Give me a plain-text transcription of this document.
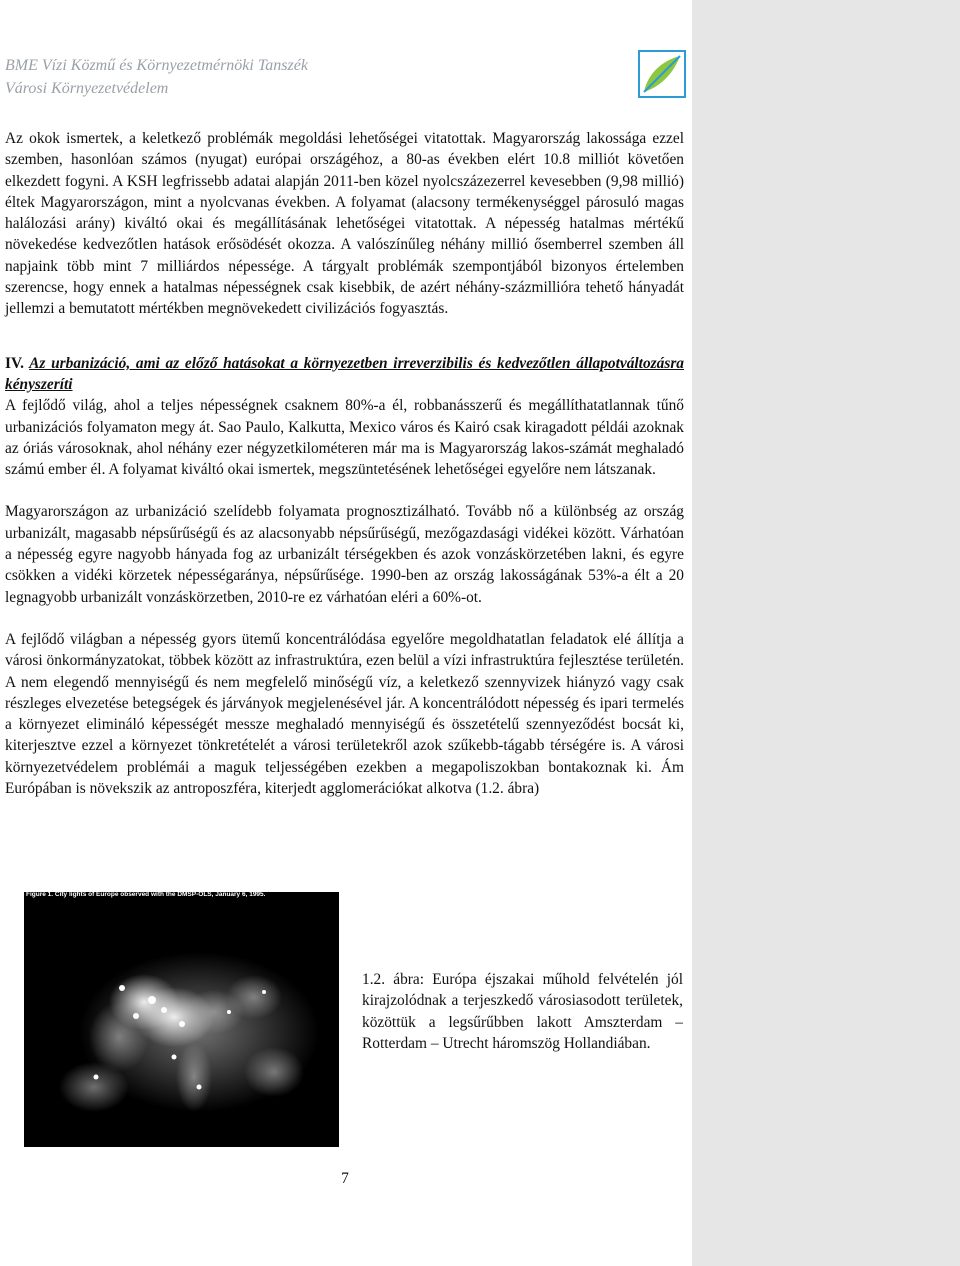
BME Vízi Közmű és Környezetmérnöki Tanszék
Városi Környezetvédelem

Az okok ismertek, a keletkező problémák megoldási lehetőségei vitatottak. Magyarország lakossága ezzel szemben, hasonlóan számos (nyugat) európai országéhoz, a 80-as években elért 10.8 milliót követően elkezdett fogyni. A KSH legfrissebb adatai alapján 2011-ben közel nyolcszázezerrel kevesebben (9,98 millió) éltek Magyarországon, mint a nyolcvanas években. A folyamat (alacsony termékenységgel párosuló magas halálozási arány) kiváltó okai és megállításának lehetőségei vitatottak. A népesség hatalmas mértékű növekedése kedvezőtlen hatások erősödését okozza. A valószínűleg néhány millió ősemberrel szemben áll napjaink több mint 7 milliárdos népessége. A tárgyalt problémák szempontjából bizonyos értelemben szerencse, hogy ennek a hatalmas népességnek csak kisebbik, de azért néhány-százmillióra tehető hányadát jellemzi a bemutatott mértékben megnövekedett civilizációs fogyasztás.

IV. Az urbanizáció, ami az előző hatásokat a környezetben irreverzibilis és kedvezőtlen állapotváltozásra kényszeríti

A fejlődő világ, ahol a teljes népességnek csaknem 80%-a él, robbanásszerű és megállíthatatlannak tűnő urbanizációs folyamaton megy át. Sao Paulo, Kalkutta, Mexico város és Kairó csak kiragadott példái azoknak az óriás városoknak, ahol néhány ezer négyzetkilométeren már ma is Magyarország lakos-számát meghaladó számú ember él. A folyamat kiváltó okai ismertek, megszüntetésének lehetőségei egyelőre nem látszanak.

Magyarországon az urbanizáció szelídebb folyamata prognosztizálható. Tovább nő a különbség az ország urbanizált, magasabb népsűrűségű és az alacsonyabb népsűrűségű, mezőgazdasági vidékei között. Várhatóan a népesség egyre nagyobb hányada fog az urbanizált térségekben és azok vonzáskörzetében lakni, és egyre csökken a vidéki körzetek népességaránya, népsűrűsége. 1990-ben az ország lakosságának 53%-a élt a 20 legnagyobb urbanizált vonzáskörzetben, 2010-re ez várhatóan eléri a 60%-ot.

A fejlődő világban a népesség gyors ütemű koncentrálódása egyelőre megoldhatatlan feladatok elé állítja a városi önkormányzatokat, többek között az infrastruktúra, ezen belül a vízi infrastruktúra fejlesztése területén. A nem elegendő mennyiségű és nem megfelelő minőségű víz, a keletkező szennyvizek hiányzó vagy csak részleges elvezetése betegségek és járványok megjelenésével jár. A koncentrálódott népesség és ipari termelés a környezet elimináló képességét messze meghaladó mennyiségű és összetételű szennyeződést bocsát ki, kiterjesztve ezzel a környezet tönkretételét a városi területekről azok szűkebb-tágabb térségére is. A városi környezetvédelem problémái a maguk teljességében ezekben a megapoliszokban bontakoznak ki. Ám Európában is növekszik az antroposzféra, kiterjedt agglomerációkat alkotva (1.2. ábra)

Figure 1. City lights of Europe observed with the DMSP-OLS, January 6, 1995.

1.2. ábra: Európa éjszakai műhold felvételén jól kirajzolódnak a terjeszkedő városiasodott területek, közöttük a legsűrűbben lakott Amszterdam – Rotterdam – Utrecht háromszög Hollandiában.

7
